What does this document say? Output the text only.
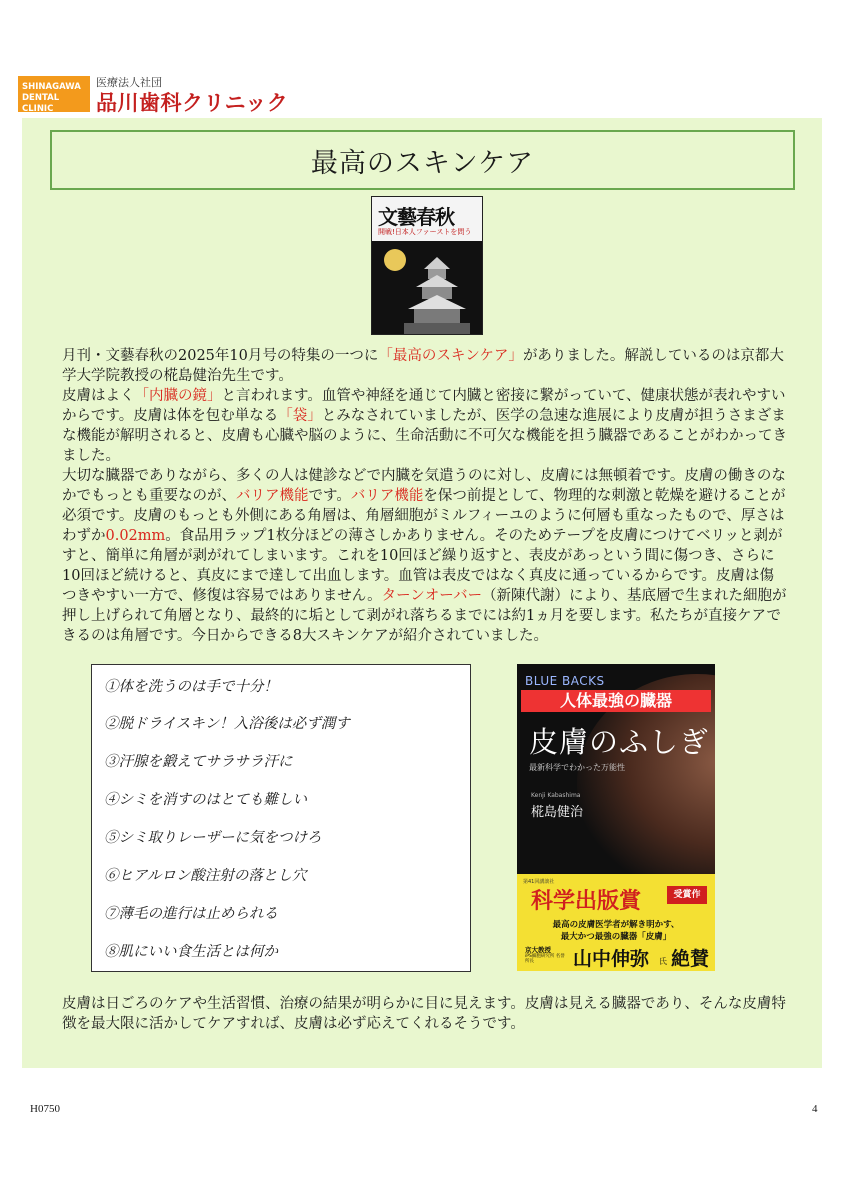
SHINAGAWA
DENTAL CLINIC
医療法人社団
品川歯科クリニック
最高のスキンケア
文藝春秋
開戦!日本人ファーストを問う

月刊・文藝春秋の2025年10月号の特集の一つに「最高のスキンケア」がありました。解説しているのは京都大学大学院教授の椛島健治先生です。

皮膚はよく「内臓の鏡」と言われます。血管や神経を通じて内臓と密接に繋がっていて、健康状態が表れやすいからです。皮膚は体を包む単なる「袋」とみなされていましたが、医学の急速な進展により皮膚が担うさまざまな機能が解明されると、皮膚も心臓や脳のように、生命活動に不可欠な機能を担う臓器であることがわかってきました。

大切な臓器でありながら、多くの人は健診などで内臓を気遣うのに対し、皮膚には無頓着です。皮膚の働きのなかでもっとも重要なのが、バリア機能です。バリア機能を保つ前提として、物理的な刺激と乾燥を避けることが必須です。皮膚のもっとも外側にある角層は、角層細胞がミルフィーユのように何層も重なったもので、厚さはわずか0.02mm。食品用ラップ1枚分ほどの薄さしかありません。そのためテープを皮膚につけてベリッと剥がすと、簡単に角層が剥がれてしまいます。これを10回ほど繰り返すと、表皮があっという間に傷つき、さらに10回ほど続けると、真皮にまで達して出血します。血管は表皮ではなく真皮に通っているからです。皮膚は傷つきやすい一方で、修復は容易ではありません。ターンオーバー（新陳代謝）により、基底層で生まれた細胞が押し上げられて角層となり、最終的に垢として剥がれ落ちるまでには約1ヵ月を要します。私たちが直接ケアできるのは角層です。今日からできる8大スキンケアが紹介されていました。

①体を洗うのは手で十分！
②脱ドライスキン！入浴後は必ず潤す
③汗腺を鍛えてサラサラ汗に
④シミを消すのはとても難しい
⑤シミ取りレーザーに気をつけろ
⑥ヒアルロン酸注射の落とし穴
⑦薄毛の進行は止められる
⑧肌にいい食生活とは何か
BLUE BACKS
人体最強の臓器
皮膚のふしぎ
最新科学でわかった万能性
Kenji Kabashima
椛島健治
第41回講談社
科学出版賞	受賞作
最高の皮膚医学者が解き明かす、
最大かつ最強の臓器「皮膚」
京大教授
iPS細胞研究所 名誉所長	山中伸弥 氏 絶賛
皮膚は日ごろのケアや生活習慣、治療の結果が明らかに目に見えます。皮膚は見える臓器であり、そんな皮膚特徴を最大限に活かしてケアすれば、皮膚は必ず応えてくれるそうです。
H0750	4
